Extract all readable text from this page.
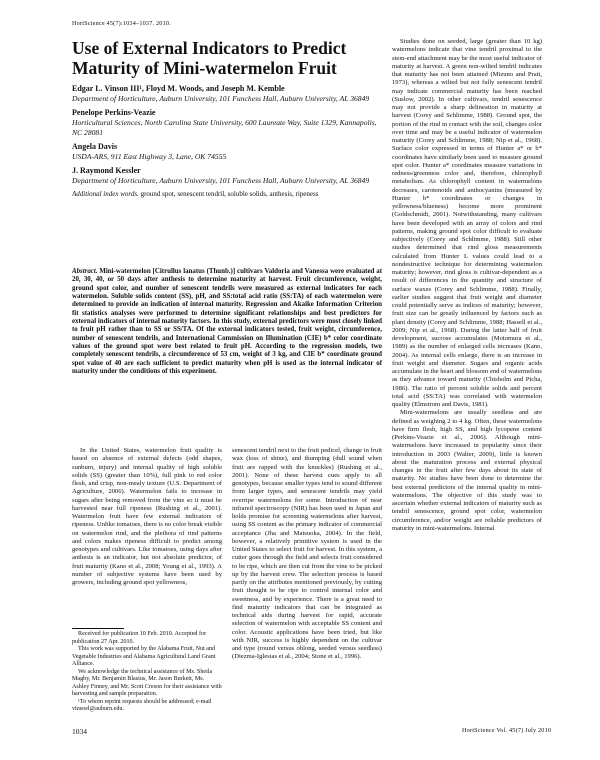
HortScience 45(7):1034–1037. 2010.
Use of External Indicators to Predict Maturity of Mini-watermelon Fruit
Edgar L. Vinson III¹, Floyd M. Woods, and Joseph M. Kemble
Department of Horticulture, Auburn University, 101 Funchess Hall, Auburn University, AL 36849
Penelope Perkins-Veazie
Horticultural Sciences, North Carolina State University, 600 Laureate Way, Suite 1329, Kannapolis, NC 28081
Angela Davis
USDA-ARS, 911 East Highway 3, Lane, OK 74555
J. Raymond Kessler
Department of Horticulture, Auburn University, 101 Funchess Hall, Auburn University, AL 36849
Additional index words. ground spot, senescent tendril, soluble solids, anthesis, ripeness
Abstract. Mini-watermelon [Citrullus lanatus (Thunb.)] cultivars Valdoria and Vanessa were evaluated at 20, 30, 40, or 50 days after anthesis to determine maturity at harvest. Fruit circumference, weight, ground spot color, and number of senescent tendrils were measured as external indicators for each watermelon. Soluble solids content (SS), pH, and SS:total acid ratio (SS:TA) of each watermelon were determined to provide an indication of internal maturity. Regression and Akaike Information Criterion fit statistics analyses were performed to determine significant relationships and best predictors for external indicators of internal maturity factors. In this study, external predictors were most closely linked to fruit pH rather than to SS or SS/TA. Of the external indicators tested, fruit weight, circumference, number of senescent tendrils, and International Commission on Illumination (CIE) b* color coordinate values of the ground spot were best related to fruit pH. According to the regression models, two completely senescent tendrils, a circumference of 53 cm, weight of 3 kg, and CIE b* coordinate ground spot value of 40 are each sufficient to predict maturity when pH is used as the internal indicator of maturity under the conditions of this experiment.

In the United States, watermelon fruit quality is based on absence of external defects (odd shapes, sunburn, injury) and internal quality of high soluble solids (SS) (greater than 10%), full pink to red color flesh, and crisp, non-mealy texture (U.S. Department of Agriculture, 2006). Watermelon fails to increase in sugars after being removed from the vine so it must be harvested near full ripeness (Rushing et al., 2001). Watermelon fruit have few external indicators of ripeness. Unlike tomatoes, there is no color break visible on watermelon rind, and the plethora of rind patterns and colors makes ripeness difficult to predict among genotypes and cultivars. Like tomatoes, using days after anthesis is an indicator, but not absolute predictor, of fruit maturity (Kano et al., 2008; Young et al., 1993). A number of subjective systems have been used by growers, including ground spot yellowness,

senescent tendril next to the fruit pedicel, change in fruit wax (loss of shine), and thumping (dull sound when fruit are rapped with the knuckles) (Rushing et al., 2001). None of these harvest cues apply to all genotypes, because smaller types tend to sound different from larger types, and senescent tendrils may yield overripe watermelons for some. Introduction of near infrared spectroscopy (NIR) has been used in Japan and holds promise for screening watermelons after harvest, using SS content as the primary indicator of commercial acceptance (Jha and Matsuoka, 2004). In the field, however, a relatively primitive system is used in the United States to select fruit for harvest. In this system, a cutter goes through the field and selects fruit considered to be ripe, which are then cut from the vine to be picked up by the harvest crew. The selection process is based partly on the attributes mentioned previously, by cutting fruit thought to be ripe to control internal color and sweetness, and by experience. There is a great need to find maturity indicators that can be integrated as technical aids during harvest for rapid, accurate selection of watermelon with acceptable SS content and color. Acoustic applications have been tried, but like with NIR, success is highly dependent on the cultivar and type (round versus oblong, seeded versus seedless) (Diezma-Iglesias et al., 2004; Stone et al., 1996).

Studies done on seeded, large (greater than 10 kg) watermelons indicate that vine tendril proximal to the stem-end attachment may be the most useful indicator of maturity at harvest. A green non-wilted tendril indicates that maturity has not been attained (Mizuno and Pratt, 1973), whereas a wilted but not fully senescent tendril may indicate commercial maturity has been reached (Suslow, 2002). In other cultivars, tendril senescence may not provide a sharp delineation in maturity at harvest (Corey and Schlimme, 1988). Ground spot, the portion of the rind in contact with the soil, changes color over time and may be a useful indicator of watermelon maturity (Corey and Schlimme, 1988; Nip et al., 1968). Surface color expressed in terms of Hunter a* or b* coordinates have similarly been used to measure ground spot color. Hunter a* coordinates measure variations in redness/greenness color and, therefore, chlorophyll metabolism. As chlorophyll content in watermelons decreases, carotenoids and anthocyanins (measured by Hunter b* coordinates or changes in yellowness/blueness) become more prominent (Goldschmidt, 2001). Notwithstanding, many cultivars have been developed with an array of colors and rind patterns, making ground spot color difficult to evaluate subjectively (Corey and Schlimme, 1988). Still other studies determined that rind gloss measurements calculated from Hunter L values could lead to a nondestructive technique for determining watermelon maturity; however, rind gloss is cultivar-dependent as a result of differences in the quantity and structure of surface waxes (Corey and Schlimme, 1988). Finally, earlier studies suggest that fruit weight and diameter could potentially serve as indices of maturity; however, fruit size can be greatly influenced by factors such as plant density (Corey and Schlimme, 1988; Hassell et al., 2009; Nip et al., 1968). During the latter half of fruit development, sucrose accumulates (Motomura et al., 1989) as the number of enlarged cells increases (Kano, 2004). As internal cells enlarge, there is an increase in fruit weight and diameter. Sugars and organic acids accumulate in the heart and blossom end of watermelons as they advance toward maturity (Chisholm and Picha, 1986). The ratio of percent soluble solids and percent total acid (SS:TA) was correlated with watermelon quality (Elmstrom and Davis, 1981).

Mini-watermelons are usually seedless and are defined as weighing 2 to 4 kg. Often, these watermelons have firm flesh, high SS, and high lycopene content (Perkins-Veazie et al., 2006). Although mini-watermelons have increased in popularity since their introduction in 2003 (Walter, 2009), little is known about the maturation process and external physical changes in the fruit after few days about its state of maturity. No studies have been done to determine the best external predictors of the internal quality in mini-watermelons. The objective of this study was to ascertain whether external indicators of maturity such as tendril senescence, ground spot color, watermelon circumference, and/or weight are reliable predictors of maturity in mini-watermelons. Internal

Received for publication 10 Feb. 2010. Accepted for publication 27 Apr. 2010.

This work was supported by the Alabama Fruit, Nut and Vegetable Industries and Alabama Agricultural Land Grant Alliance.

We acknowledge the technical assistance of Ms. Sheila Magby, Mr. Benjamin Blasius, Mr. Jason Burkett, Ms. Ashley Finney, and Mr. Scott Creson for their assistance with harvesting and sample preparation.

¹To whom reprint requests should be addressed; e-mail vinsoel@auburn.edu.

1034	HortScience Vol. 45(7) July 2010
